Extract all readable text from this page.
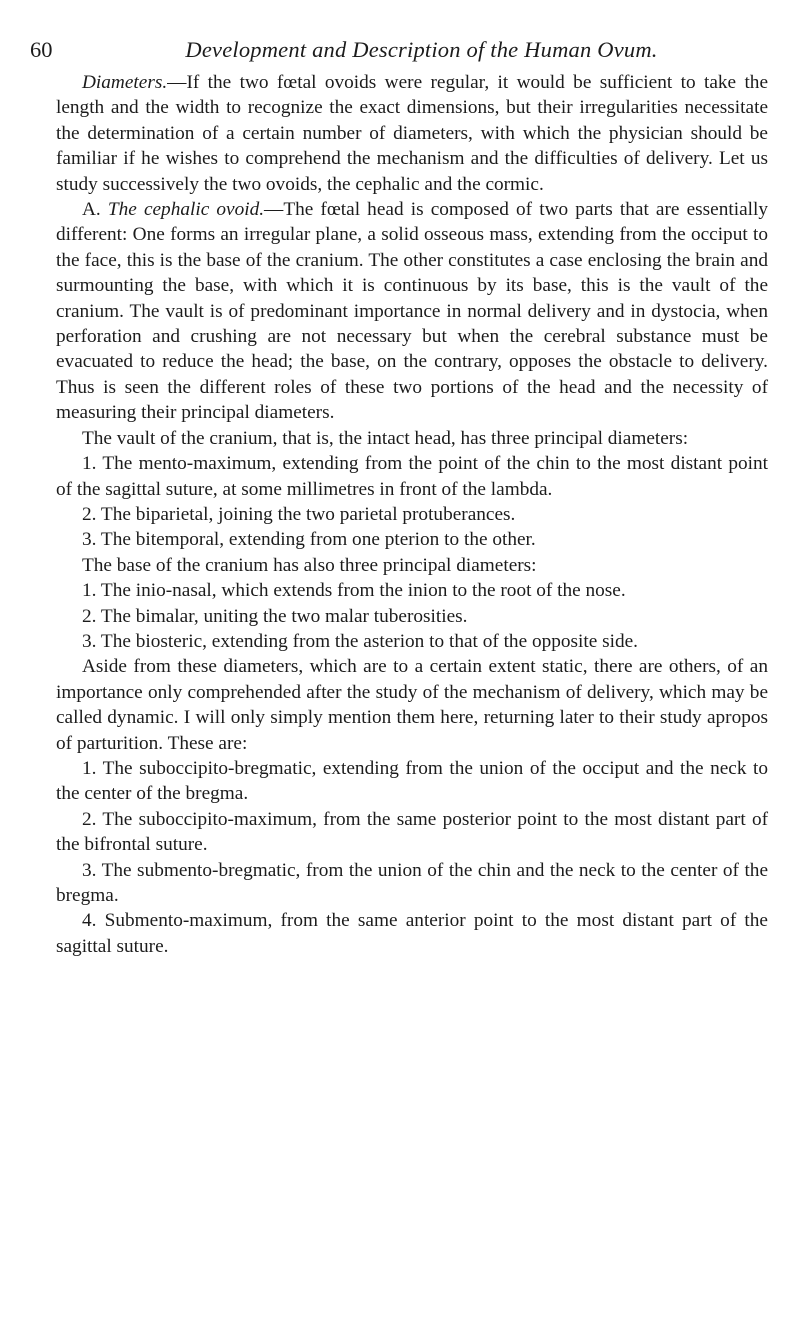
60	Development and Description of the Human Ovum.

Diameters.—If the two fœtal ovoids were regular, it would be sufficient to take the length and the width to recognize the exact dimensions, but their irregularities necessitate the determination of a certain number of diameters, with which the physician should be familiar if he wishes to comprehend the mechanism and the difficulties of delivery. Let us study successively the two ovoids, the cephalic and the cormic.

A. The cephalic ovoid.—The fœtal head is composed of two parts that are essentially different: One forms an irregular plane, a solid osseous mass, extending from the occiput to the face, this is the base of the cranium. The other constitutes a case enclosing the brain and surmounting the base, with which it is continuous by its base, this is the vault of the cranium. The vault is of predominant importance in normal delivery and in dystocia, when perforation and crushing are not necessary but when the cerebral substance must be evacuated to reduce the head; the base, on the contrary, opposes the obstacle to delivery. Thus is seen the different roles of these two portions of the head and the necessity of measuring their principal diameters.

The vault of the cranium, that is, the intact head, has three principal diameters:

1. The mento-maximum, extending from the point of the chin to the most distant point of the sagittal suture, at some millimetres in front of the lambda.

2. The biparietal, joining the two parietal protuberances.

3. The bitemporal, extending from one pterion to the other.

The base of the cranium has also three principal diameters:

1. The inio-nasal, which extends from the inion to the root of the nose.

2. The bimalar, uniting the two malar tuberosities.

3. The biosteric, extending from the asterion to that of the opposite side.

Aside from these diameters, which are to a certain extent static, there are others, of an importance only comprehended after the study of the mechanism of delivery, which may be called dynamic. I will only simply mention them here, returning later to their study apropos of parturition. These are:

1. The suboccipito-bregmatic, extending from the union of the occiput and the neck to the center of the bregma.

2. The suboccipito-maximum, from the same posterior point to the most distant part of the bifrontal suture.

3. The submento-bregmatic, from the union of the chin and the neck to the center of the bregma.

4. Submento-maximum, from the same anterior point to the most distant part of the sagittal suture.
